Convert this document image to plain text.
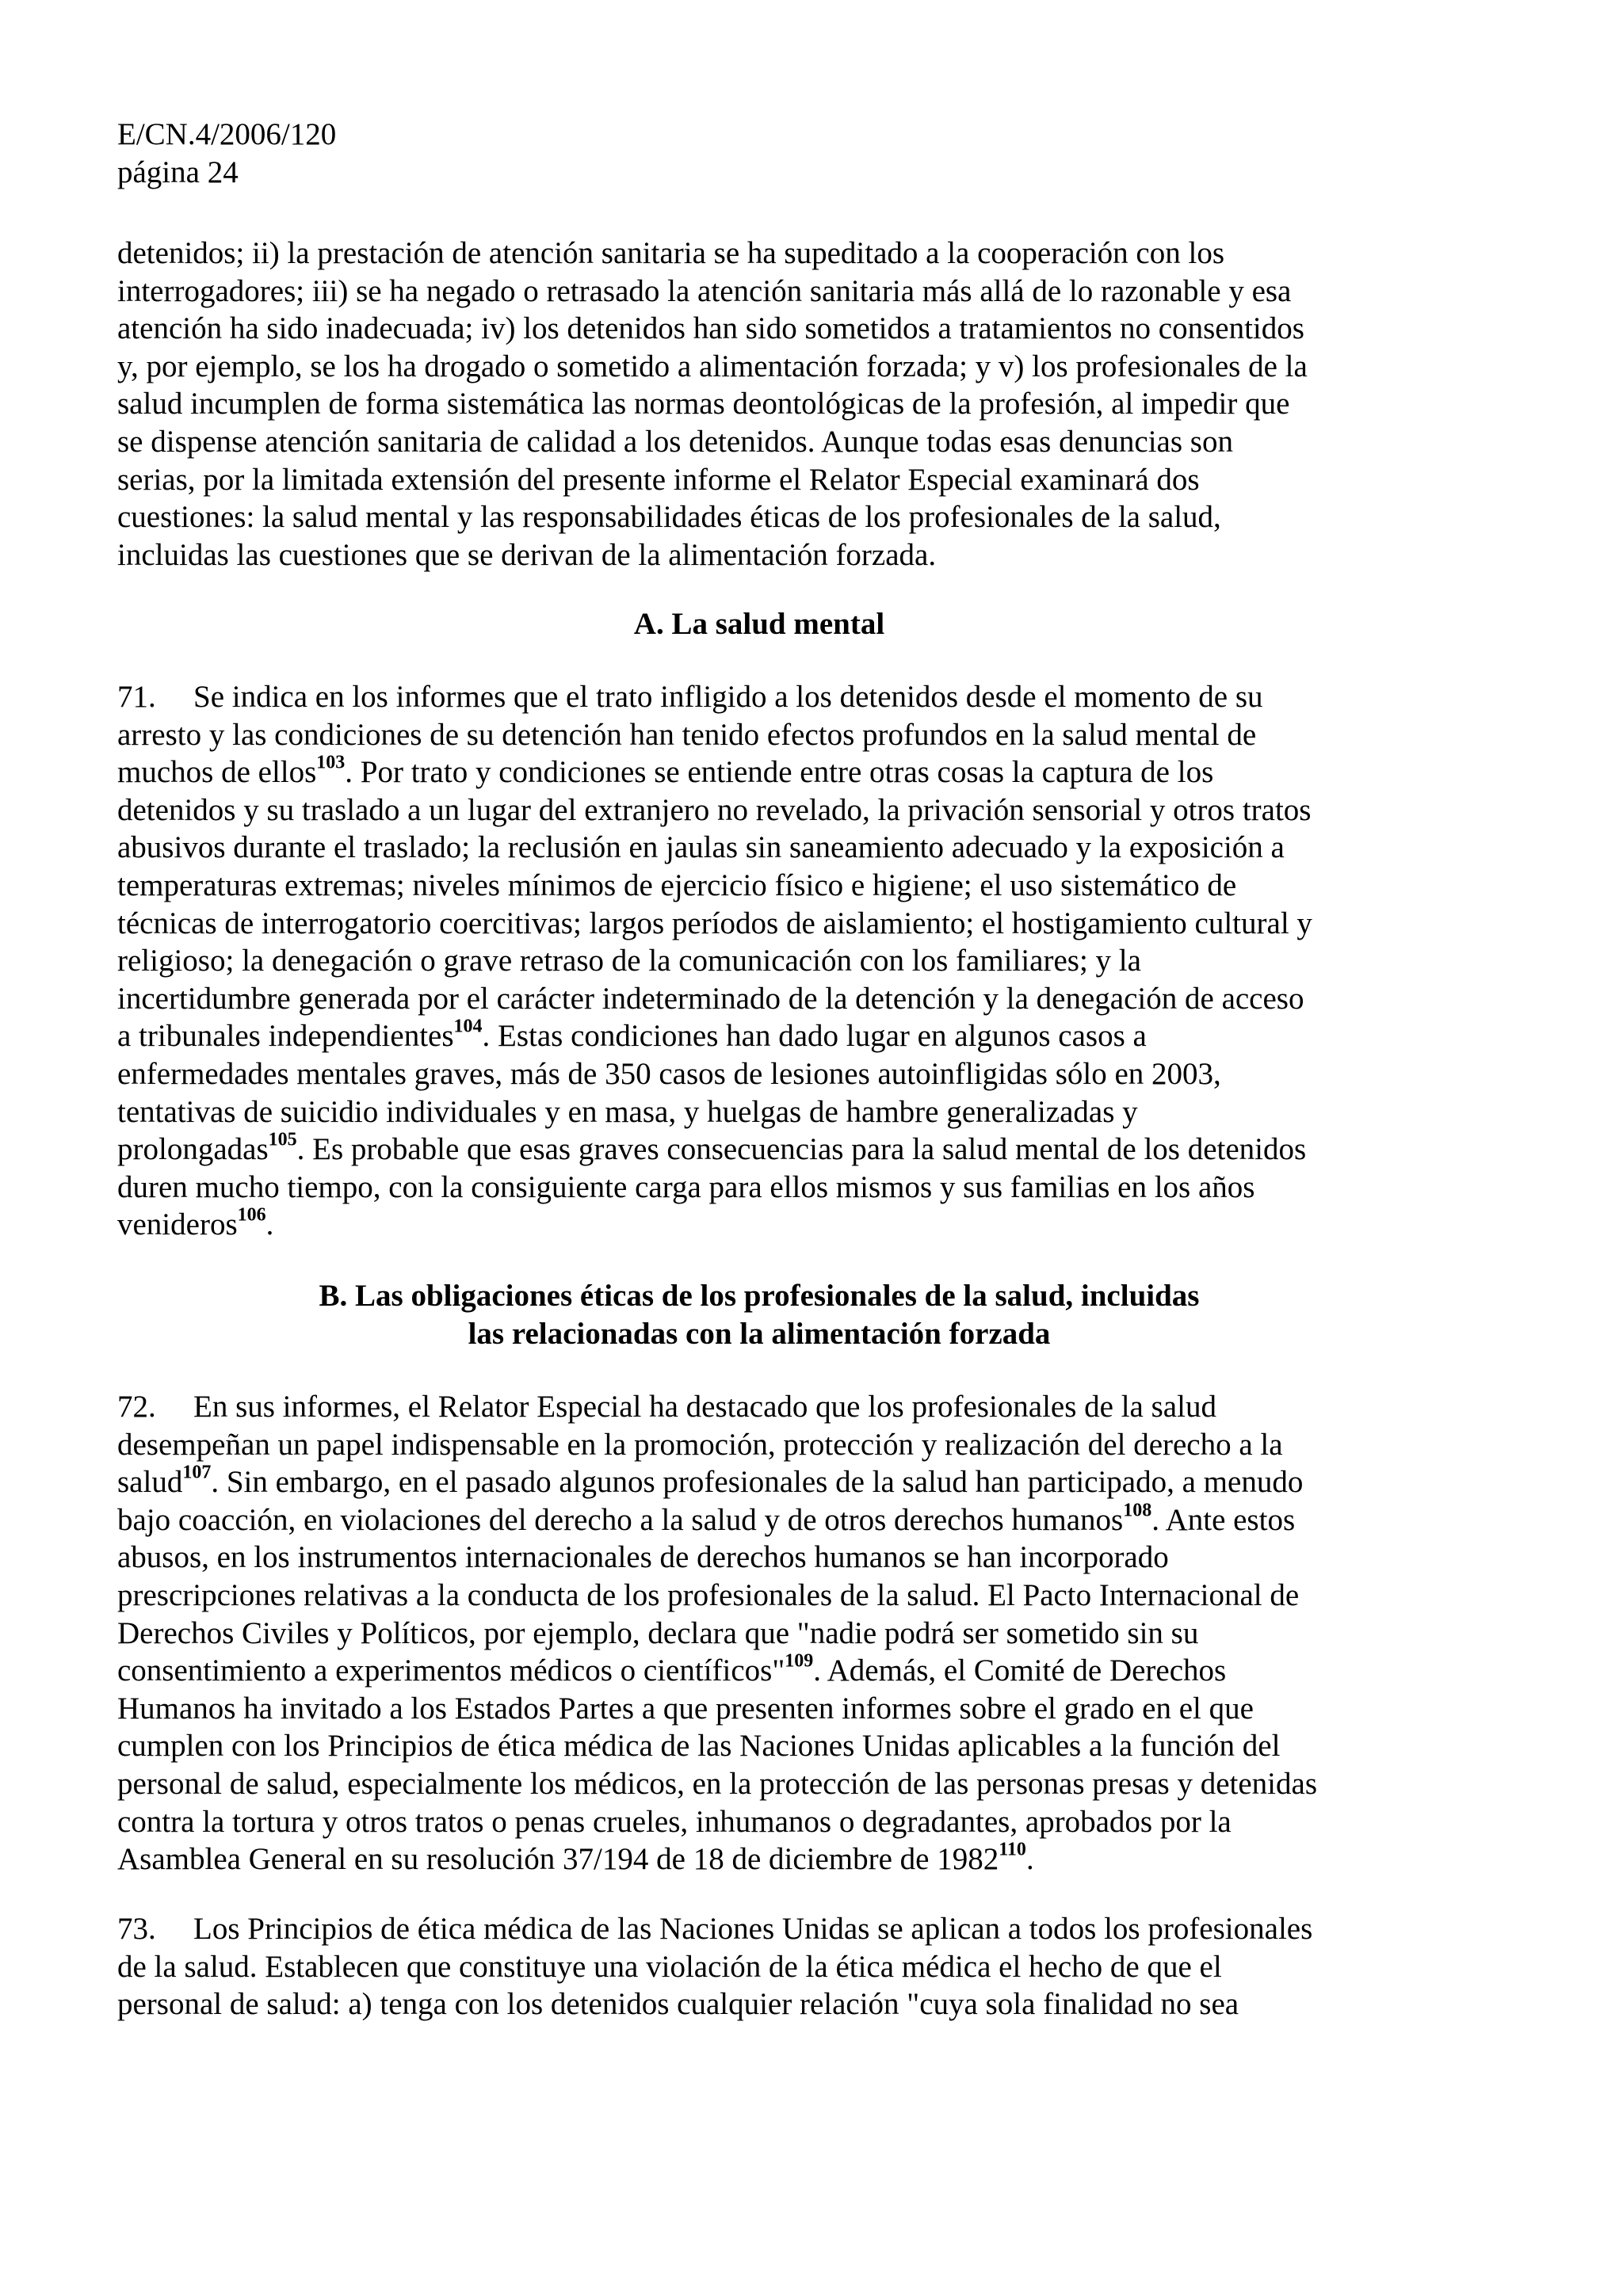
E/CN.4/2006/120
página 24
detenidos; ii) la prestación de atención sanitaria se ha supeditado a la cooperación con los
interrogadores; iii) se ha negado o retrasado la atención sanitaria más allá de lo razonable y esa
atención ha sido inadecuada; iv) los detenidos han sido sometidos a tratamientos no consentidos
y, por ejemplo, se los ha drogado o sometido a alimentación forzada; y v) los profesionales de la
salud incumplen de forma sistemática las normas deontológicas de la profesión, al impedir que
se dispense atención sanitaria de calidad a los detenidos. Aunque todas esas denuncias son
serias, por la limitada extensión del presente informe el Relator Especial examinará dos
cuestiones: la salud mental y las responsabilidades éticas de los profesionales de la salud,
incluidas las cuestiones que se derivan de la alimentación forzada.
A. La salud mental
71. Se indica en los informes que el trato infligido a los detenidos desde el momento de su
arresto y las condiciones de su detención han tenido efectos profundos en la salud mental de
muchos de ellos$^{103}$. Por trato y condiciones se entiende entre otras cosas la captura de los
detenidos y su traslado a un lugar del extranjero no revelado, la privación sensorial y otros tratos
abusivos durante el traslado; la reclusión en jaulas sin saneamiento adecuado y la exposición a
temperaturas extremas; niveles mínimos de ejercicio físico e higiene; el uso sistemático de
técnicas de interrogatorio coercitivas; largos períodos de aislamiento; el hostigamiento cultural y
religioso; la denegación o grave retraso de la comunicación con los familiares; y la
incertidumbre generada por el carácter indeterminado de la detención y la denegación de acceso
a tribunales independientes$^{104}$. Estas condiciones han dado lugar en algunos casos a
enfermedades mentales graves, más de 350 casos de lesiones autoinfligidas sólo en 2003,
tentativas de suicidio individuales y en masa, y huelgas de hambre generalizadas y
prolongadas$^{105}$. Es probable que esas graves consecuencias para la salud mental de los detenidos
duren mucho tiempo, con la consiguiente carga para ellos mismos y sus familias en los años
venideros$^{106}$.
B. Las obligaciones éticas de los profesionales de la salud, incluidas
las relacionadas con la alimentación forzada
72. En sus informes, el Relator Especial ha destacado que los profesionales de la salud
desempeñan un papel indispensable en la promoción, protección y realización del derecho a la
salud$^{107}$. Sin embargo, en el pasado algunos profesionales de la salud han participado, a menudo
bajo coacción, en violaciones del derecho a la salud y de otros derechos humanos$^{108}$. Ante estos
abusos, en los instrumentos internacionales de derechos humanos se han incorporado
prescripciones relativas a la conducta de los profesionales de la salud. El Pacto Internacional de
Derechos Civiles y Políticos, por ejemplo, declara que "nadie podrá ser sometido sin su
consentimiento a experimentos médicos o científicos"$^{109}$. Además, el Comité de Derechos
Humanos ha invitado a los Estados Partes a que presenten informes sobre el grado en el que
cumplen con los Principios de ética médica de las Naciones Unidas aplicables a la función del
personal de salud, especialmente los médicos, en la protección de las personas presas y detenidas
contra la tortura y otros tratos o penas crueles, inhumanos o degradantes, aprobados por la
Asamblea General en su resolución 37/194 de 18 de diciembre de 1982$^{110}$.
73. Los Principios de ética médica de las Naciones Unidas se aplican a todos los profesionales
de la salud. Establecen que constituye una violación de la ética médica el hecho de que el
personal de salud: a) tenga con los detenidos cualquier relación "cuya sola finalidad no sea
